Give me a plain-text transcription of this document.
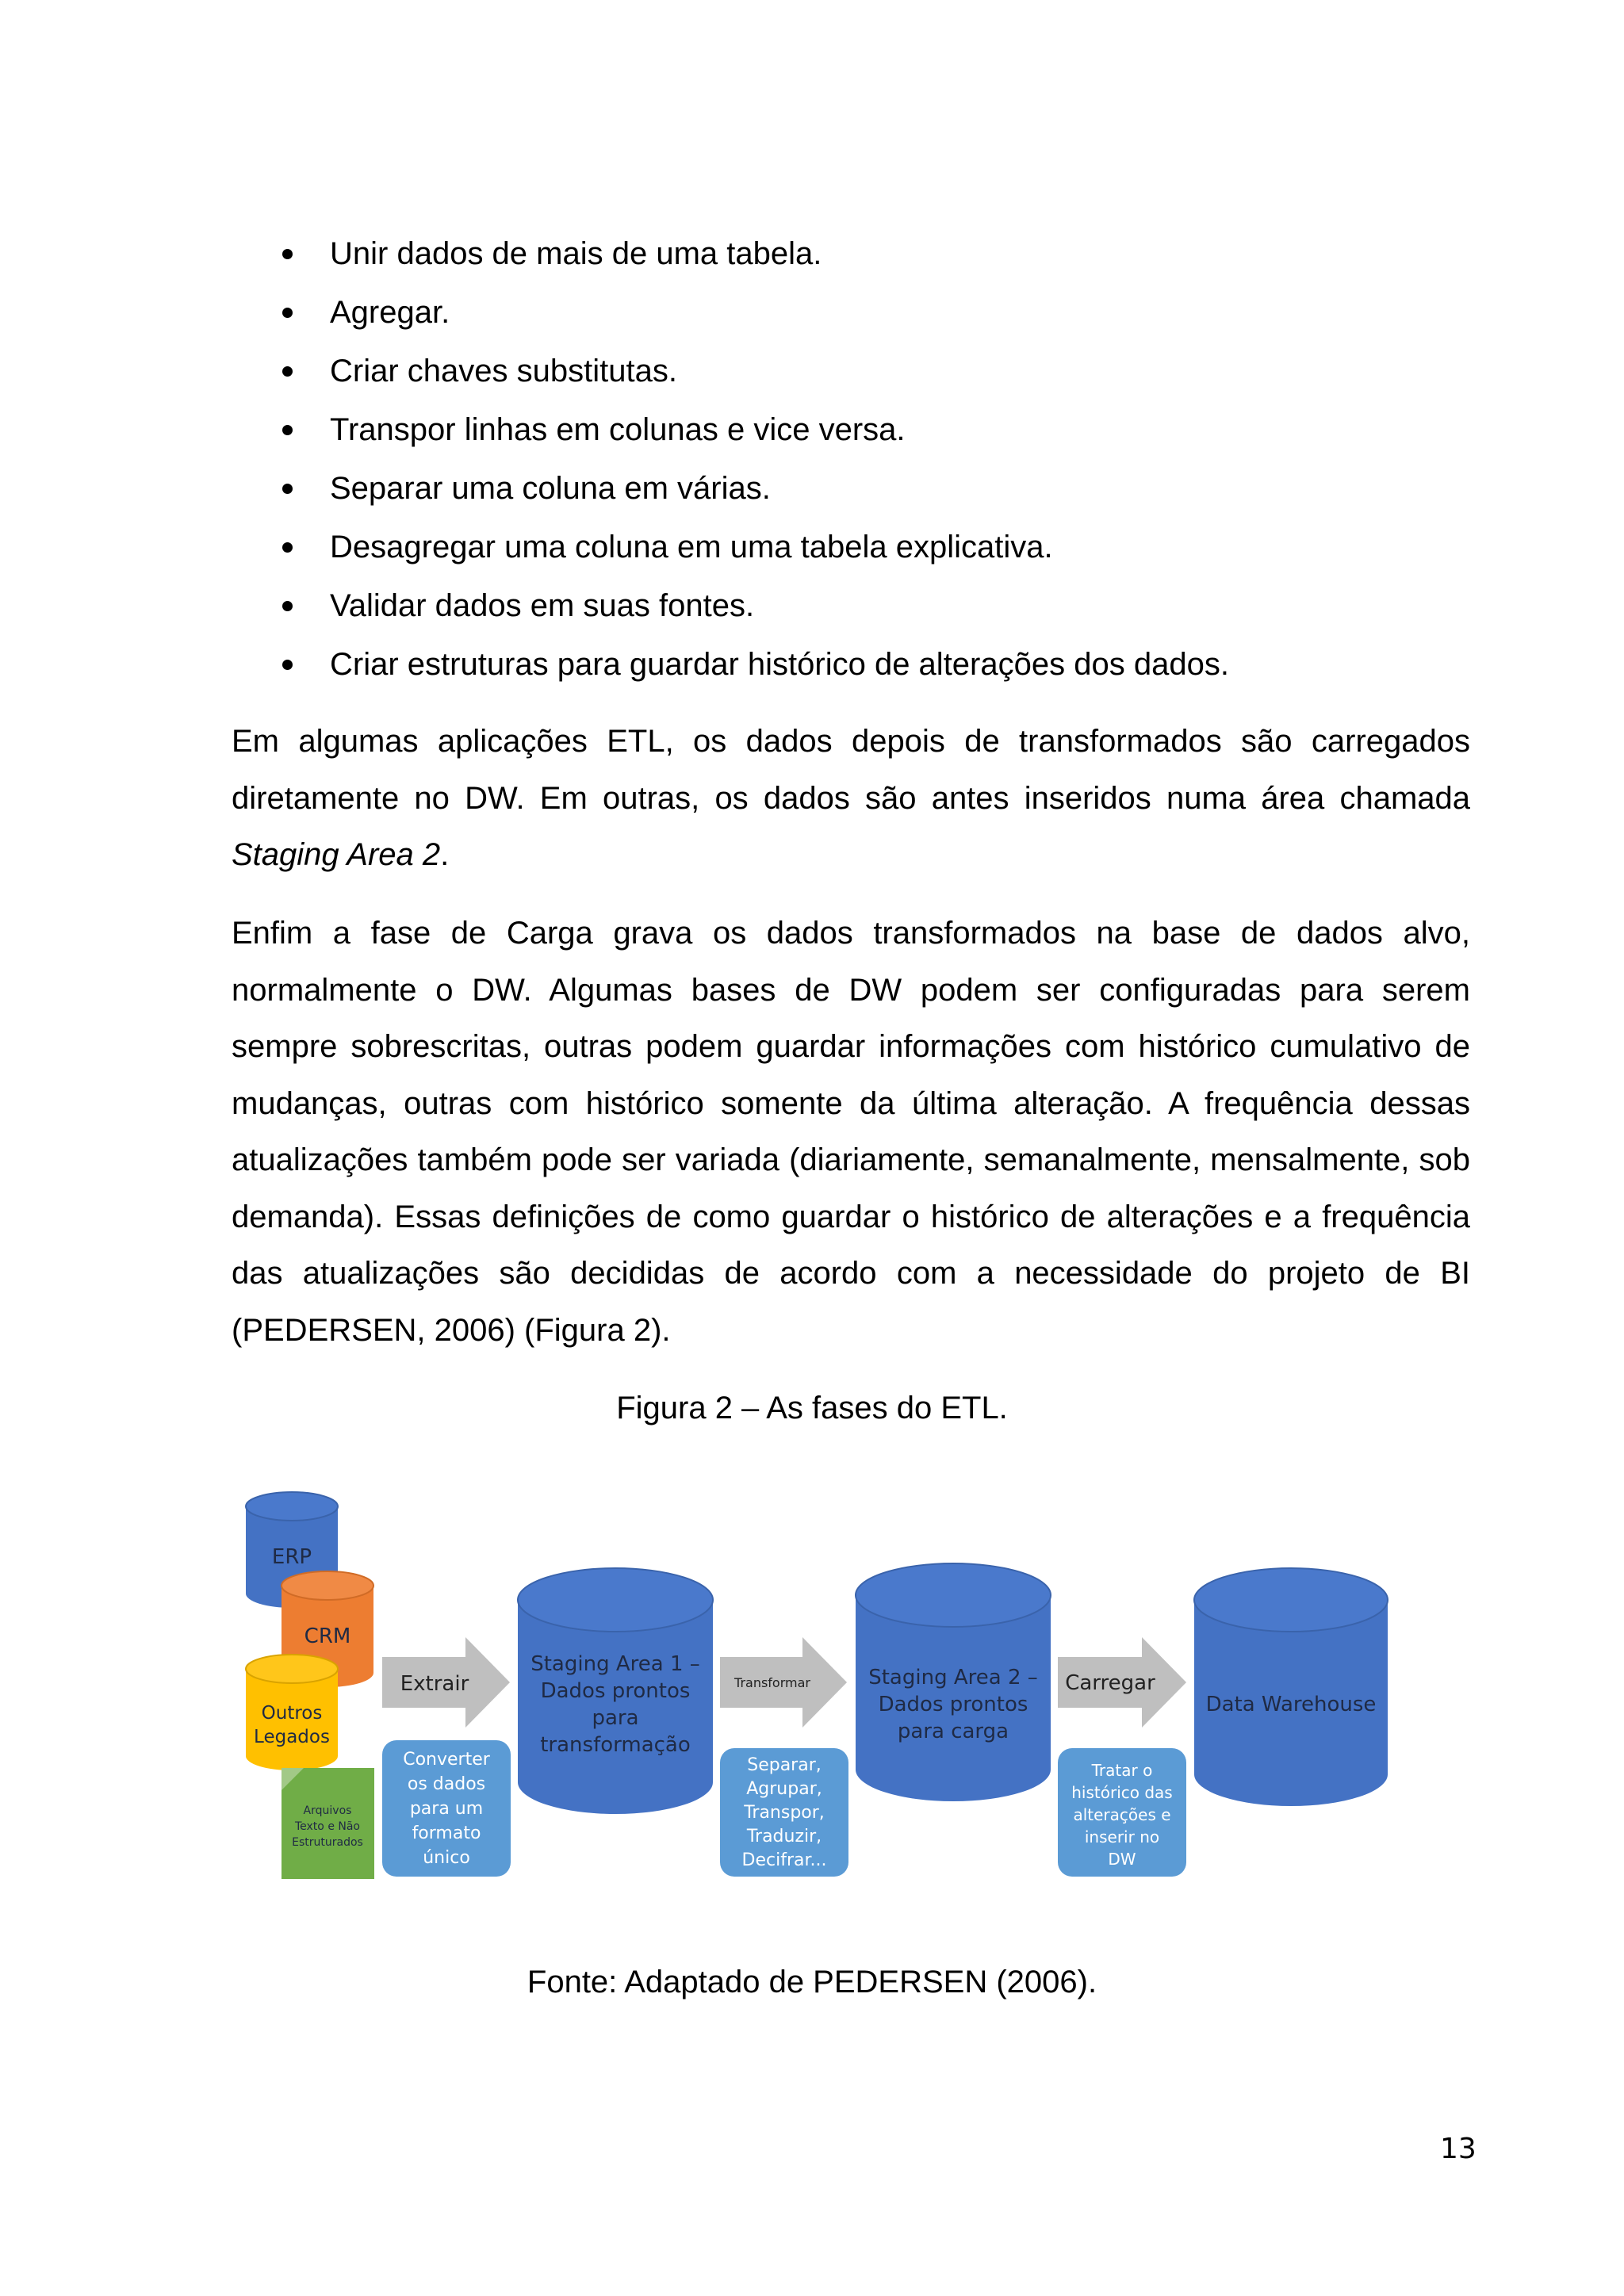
Unir dados de mais de uma tabela.
Agregar.
Criar chaves substitutas.
Transpor linhas em colunas e vice versa.
Separar uma coluna em várias.
Desagregar uma coluna em uma tabela explicativa.
Validar dados em suas fontes.
Criar estruturas para guardar histórico de alterações dos dados.

Em algumas aplicações ETL, os dados depois de transformados são carregados diretamente no DW. Em outras, os dados são antes inseridos numa área chamada Staging Area 2.

Enfim a fase de Carga grava os dados transformados na base de dados alvo, normalmente o DW. Algumas bases de DW podem ser configuradas para serem sempre sobrescritas, outras podem guardar informações com histórico cumulativo de mudanças, outras com histórico somente da última alteração. A frequência dessas atualizações também pode ser variada (diariamente, semanalmente, mensalmente, sob demanda). Essas definições de como guardar o histórico de alterações e a frequência das atualizações são decididas de acordo com a necessidade do projeto de BI (PEDERSEN, 2006) (Figura 2).

Figura 2 – As fases do ETL.
ERP
CRM
Outros
Legados
Arquivos
Texto e Não
Estruturados
Extrair
Converter
os dados
para um
formato
único
Staging Area 1 –
Dados prontos
para
transformação
Transformar
Separar,
Agrupar,
Transpor,
Traduzir,
Decifrar...
Staging Area 2 –
Dados prontos
para carga
Carregar
Tratar o
histórico das
alterações e
inserir no
DW
Data Warehouse
Fonte: Adaptado de PEDERSEN (2006).
13
